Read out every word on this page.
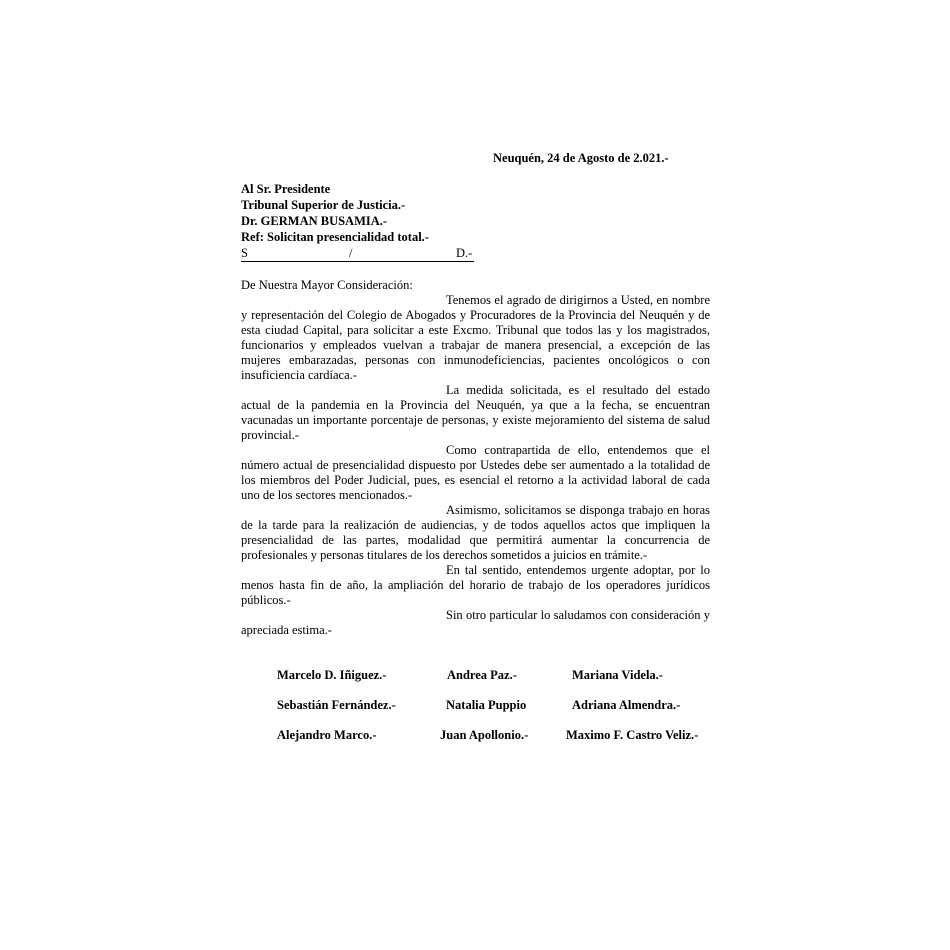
Neuquén, 24 de Agosto de 2.021.-
Al Sr. Presidente
Tribunal Superior de Justicia.-
Dr. GERMAN BUSAMIA.-
Ref: Solicitan presencialidad total.-
S	/	D.-
De Nuestra Mayor Consideración:

Tenemos el agrado de dirigirnos a Usted, en nombre y representación del Colegio de Abogados y Procuradores de la Provincia del Neuquén y de esta ciudad Capital, para solicitar a este Excmo. Tribunal que todos las y los magistrados, funcionarios y empleados vuelvan a trabajar de manera presencial, a excepción de las mujeres embarazadas, personas con inmunodeficiencias, pacientes oncológicos o con insuficiencia cardíaca.-

La medida solicitada, es el resultado del estado actual de la pandemia en la Provincia del Neuquén, ya que a la fecha, se encuentran vacunadas un importante porcentaje de personas, y existe mejoramiento del sistema de salud provincial.-

Como contrapartida de ello, entendemos que el número actual de presencialidad dispuesto por Ustedes debe ser aumentado a la totalidad de los miembros del Poder Judicial, pues, es esencial el retorno a la actividad laboral de cada uno de los sectores mencionados.-

Asimismo, solicitamos se disponga trabajo en horas de la tarde para la realización de audiencias, y de todos aquellos actos que impliquen la presencialidad de las partes, modalidad que permitirá aumentar la concurrencia de profesionales y personas titulares de los derechos sometidos a juicios en trámite.-

En tal sentido, entendemos urgente adoptar, por lo menos hasta fin de año, la ampliación del horario de trabajo de los operadores jurídicos públicos.-

Sin otro particular lo saludamos con consideración y apreciada estima.-

Marcelo D. Iñiguez.-	Andrea Paz.-	Mariana Videla.-
Sebastián Fernández.-	Natalia Puppio	Adriana Almendra.-
Alejandro Marco.-	Juan Apollonio.-	Maximo F. Castro Veliz.-
